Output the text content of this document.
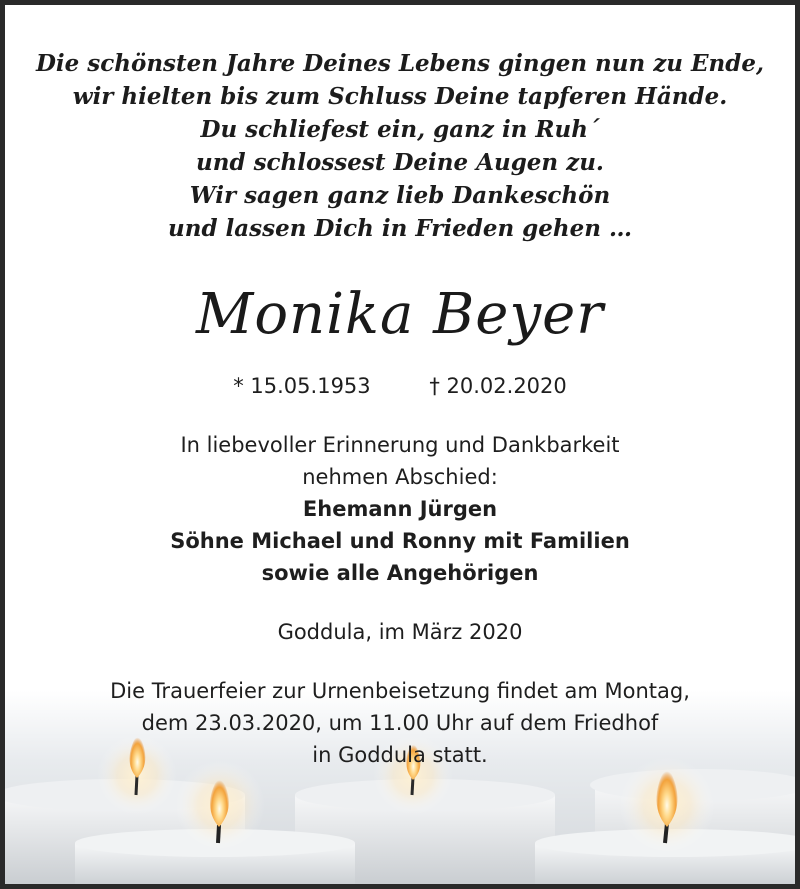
Die schönsten Jahre Deines Lebens gingen nun zu Ende,
wir hielten bis zum Schluss Deine tapferen Hände.
Du schliefest ein, ganz in Ruh´
und schlossest Deine Augen zu.
Wir sagen ganz lieb Dankeschön
und lassen Dich in Frieden gehen …
Monika Beyer
* 15.05.1953	† 20.02.2020
In liebevoller Erinnerung und Dankbarkeit
nehmen Abschied:
Ehemann Jürgen
Söhne Michael und Ronny mit Familien
sowie alle Angehörigen
Goddula, im März 2020
Die Trauerfeier zur Urnenbeisetzung findet am Montag,
dem 23.03.2020, um 11.00 Uhr auf dem Friedhof
in Goddula statt.
